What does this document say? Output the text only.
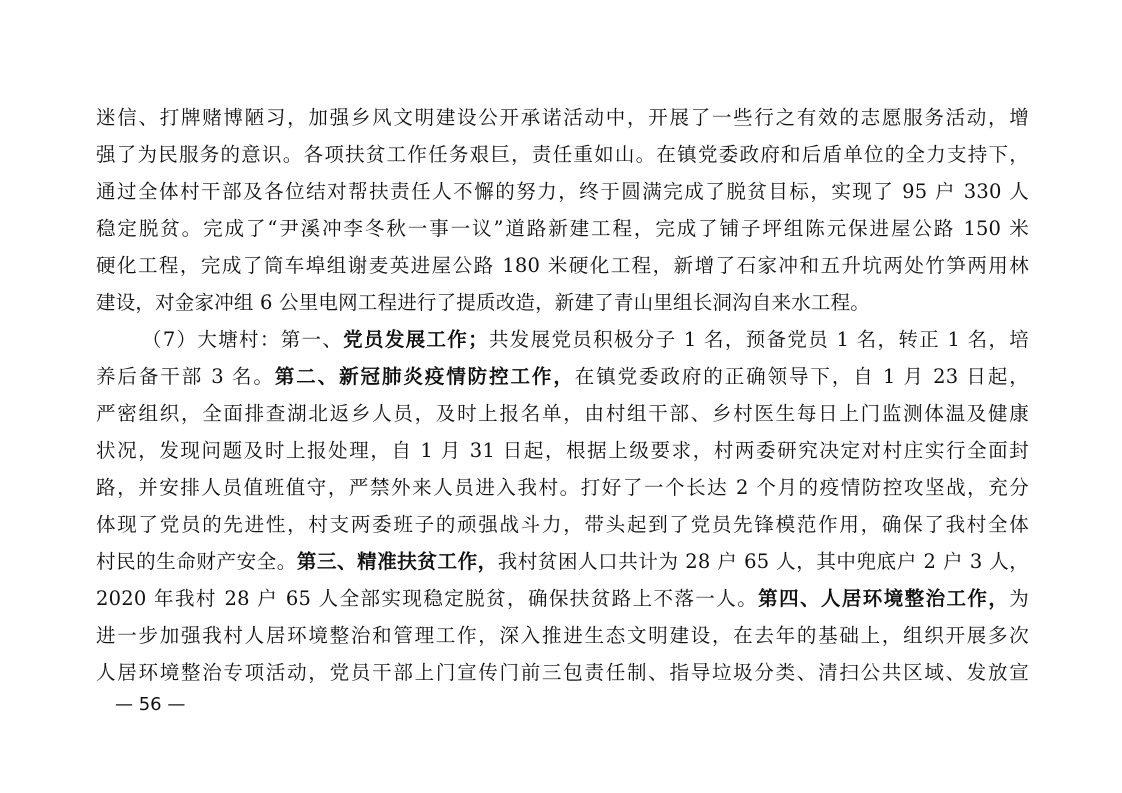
迷信、打牌赌博陋习，加强乡风文明建设公开承诺活动中，开展了一些行之有效的志愿服务活动，增
强了为民服务的意识。各项扶贫工作任务艰巨，责任重如山。在镇党委政府和后盾单位的全力支持下，
通过全体村干部及各位结对帮扶责任人不懈的努力，终于圆满完成了脱贫目标，实现了 95 户 330 人
稳定脱贫。完成了“尹溪冲李冬秋一事一议”道路新建工程，完成了铺子坪组陈元保进屋公路 150 米
硬化工程，完成了筒车埠组谢麦英进屋公路 180 米硬化工程，新增了石家冲和五升坑两处竹笋两用林
建设，对金家冲组 6 公里电网工程进行了提质改造，新建了青山里组长洞沟自来水工程。
（7）大塘村：第一、党员发展工作；共发展党员积极分子 1 名，预备党员 1 名，转正 1 名，培
养后备干部 3 名。第二、新冠肺炎疫情防控工作，在镇党委政府的正确领导下，自 1 月 23 日起，
严密组织，全面排查湖北返乡人员，及时上报名单，由村组干部、乡村医生每日上门监测体温及健康
状况，发现问题及时上报处理，自 1 月 31 日起，根据上级要求，村两委研究决定对村庄实行全面封
路，并安排人员值班值守，严禁外来人员进入我村。打好了一个长达 2 个月的疫情防控攻坚战，充分
体现了党员的先进性，村支两委班子的顽强战斗力，带头起到了党员先锋模范作用，确保了我村全体
村民的生命财产安全。第三、精准扶贫工作，我村贫困人口共计为 28 户 65 人，其中兜底户 2 户 3 人，
2020 年我村 28 户 65 人全部实现稳定脱贫，确保扶贫路上不落一人。第四、人居环境整治工作，为
进一步加强我村人居环境整治和管理工作，深入推进生态文明建设，在去年的基础上，组织开展多次
人居环境整治专项活动，党员干部上门宣传门前三包责任制、指导垃圾分类、清扫公共区域、发放宣
— 56 —
